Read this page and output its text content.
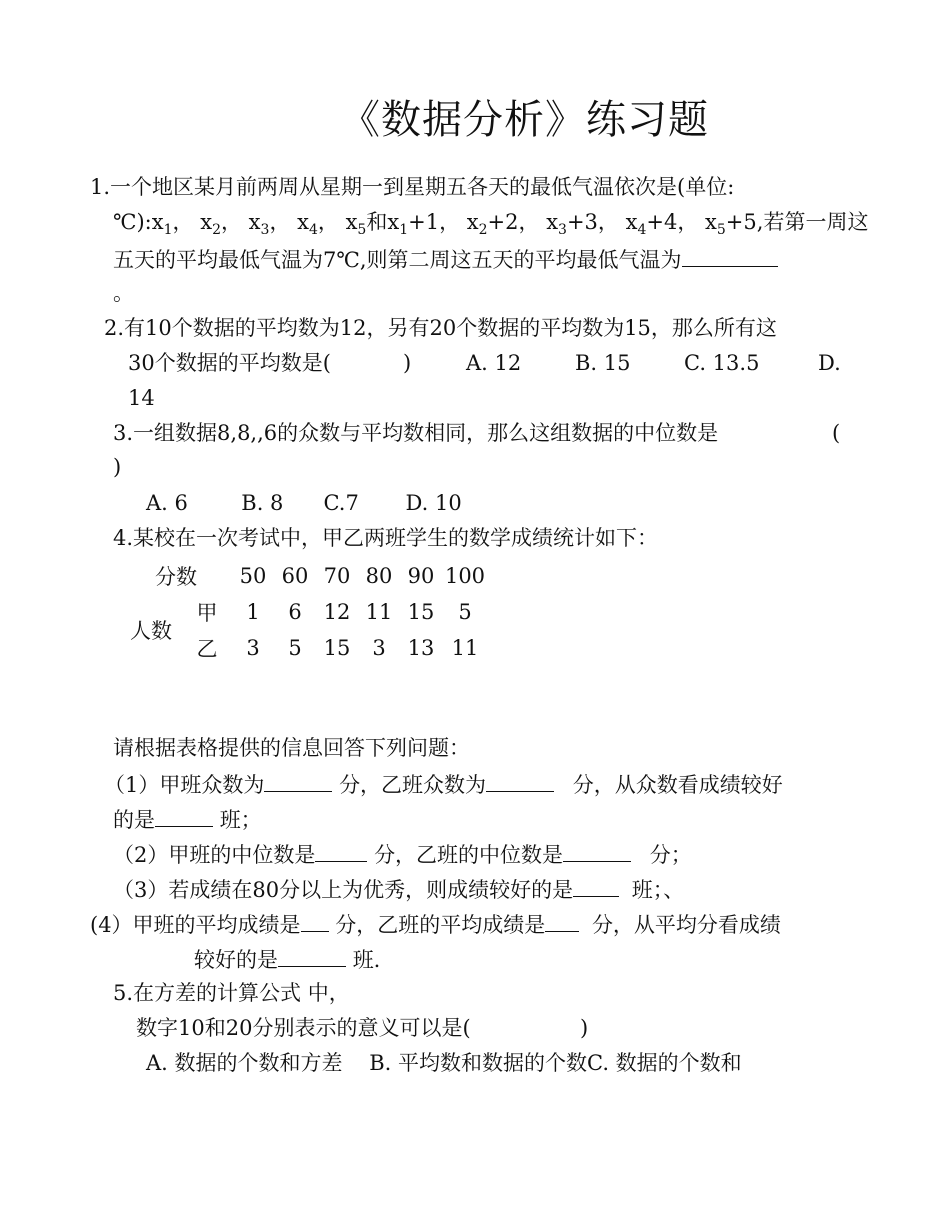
《数据分析》练习题
1.一个地区某月前两周从星期一到星期五各天的最低气温依次是(单位:
$℃):x_1$， $x_2$， $x_3$， $x_4$， $x_5$和$x_1+1$， $x_2+2$， $x_3+3$， $x_4+4$， $x_5+5$,若第一周这
五天的平均最低气温为7℃,则第二周这五天的平均最低气温为
。
2.有10个数据的平均数为12，另有20个数据的平均数为15，那么所有这
30个数据的平均数是(	)	A. 12	B. 15	C. 13.5	D.
14
3.一组数据8,8,,6的众数与平均数相同，那么这组数据的中位数是	(
)
A. 6        B. 8      C.7       D. 10
4.某校在一次考试中，甲乙两班学生的数学成绩统计如下：
分数		50	60	70	80	90	100
人数	甲	1	6	12	11	15	5
	乙	3	5	15	3	13	11
请根据表格提供的信息回答下列问题：
（1）甲班众数为	分，乙班众数为	分，从众数看成绩较好
的是	班；
（2）甲班的中位数是	分，乙班的中位数是	分；
（3）若成绩在80分以上为优秀，则成绩较好的是	班；、
(4）甲班的平均成绩是 分，乙班的平均成绩是 分，从平均分看成绩
较好的是	班.
5.在方差的计算公式 中，
数字10和20分别表示的意义可以是(	)
A. 数据的个数和方差    B. 平均数和数据的个数C. 数据的个数和
